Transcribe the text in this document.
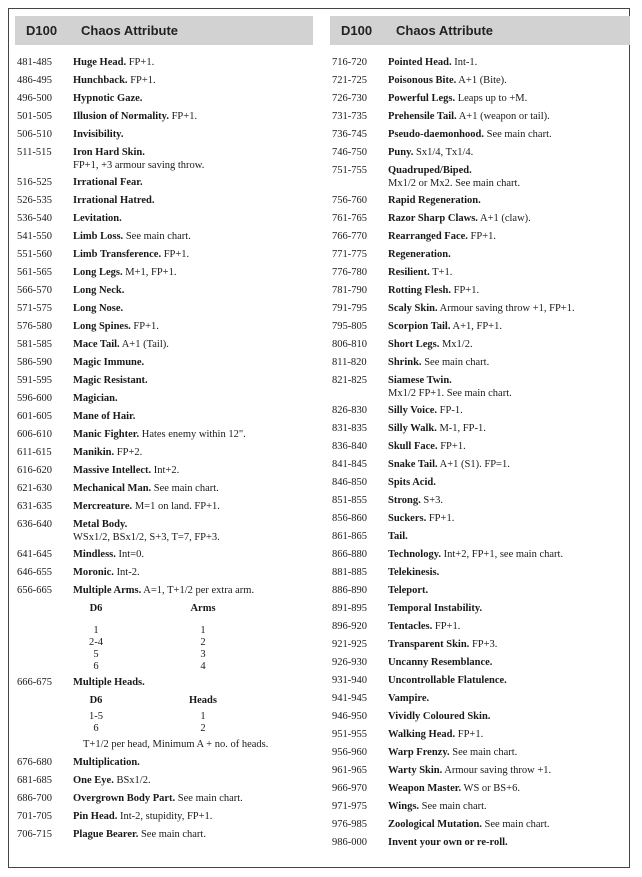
D100	Chaos Attribute
481-485	Huge Head. FP+1.
486-495	Hunchback. FP+1.
496-500	Hypnotic Gaze.
501-505	Illusion of Normality. FP+1.
506-510	Invisibility.
511-515	Iron Hard Skin.
FP+1, +3 armour saving throw.
516-525	Irrational Fear.
526-535	Irrational Hatred.
536-540	Levitation.
541-550	Limb Loss. See main chart.
551-560	Limb Transference. FP+1.
561-565	Long Legs. M+1, FP+1.
566-570	Long Neck.
571-575	Long Nose.
576-580	Long Spines. FP+1.
581-585	Mace Tail. A+1 (Tail).
586-590	Magic Immune.
591-595	Magic Resistant.
596-600	Magician.
601-605	Mane of Hair.
606-610	Manic Fighter. Hates enemy within 12".
611-615	Manikin. FP+2.
616-620	Massive Intellect. Int+2.
621-630	Mechanical Man. See main chart.
631-635	Mercreature. M=1 on land. FP+1.
636-640	Metal Body.
WSx1/2, BSx1/2, S+3, T=7, FP+3.
641-645	Mindless. Int=0.
646-655	Moronic. Int-2.
656-665	Multiple Arms. A=1, T+1/2 per extra arm.
D6	Arms
1	1
2-4	2
5	3
6	4
666-675	Multiple Heads.
D6	Heads
1-5	1
6	2
T+1/2 per head, Minimum A + no. of heads.
676-680	Multiplication.
681-685	One Eye. BSx1/2.
686-700	Overgrown Body Part. See main chart.
701-705	Pin Head. Int-2, stupidity, FP+1.
706-715	Plague Bearer. See main chart.
D100	Chaos Attribute
716-720	Pointed Head. Int-1.
721-725	Poisonous Bite. A+1 (Bite).
726-730	Powerful Legs. Leaps up to +M.
731-735	Prehensile Tail. A+1 (weapon or tail).
736-745	Pseudo-daemonhood. See main chart.
746-750	Puny. Sx1/4, Tx1/4.
751-755	Quadruped/Biped.
Mx1/2 or Mx2. See main chart.
756-760	Rapid Regeneration.
761-765	Razor Sharp Claws. A+1 (claw).
766-770	Rearranged Face. FP+1.
771-775	Regeneration.
776-780	Resilient. T+1.
781-790	Rotting Flesh. FP+1.
791-795	Scaly Skin. Armour saving throw +1, FP+1.
795-805	Scorpion Tail. A+1, FP+1.
806-810	Short Legs. Mx1/2.
811-820	Shrink. See main chart.
821-825	Siamese Twin.
Mx1/2 FP+1. See main chart.
826-830	Silly Voice. FP-1.
831-835	Silly Walk. M-1, FP-1.
836-840	Skull Face. FP+1.
841-845	Snake Tail. A+1 (S1). FP=1.
846-850	Spits Acid.
851-855	Strong. S+3.
856-860	Suckers. FP+1.
861-865	Tail.
866-880	Technology. Int+2, FP+1, see main chart.
881-885	Telekinesis.
886-890	Teleport.
891-895	Temporal Instability.
896-920	Tentacles. FP+1.
921-925	Transparent Skin. FP+3.
926-930	Uncanny Resemblance.
931-940	Uncontrollable Flatulence.
941-945	Vampire.
946-950	Vividly Coloured Skin.
951-955	Walking Head. FP+1.
956-960	Warp Frenzy. See main chart.
961-965	Warty Skin. Armour saving throw +1.
966-970	Weapon Master. WS or BS+6.
971-975	Wings. See main chart.
976-985	Zoological Mutation. See main chart.
986-000	Invent your own or re-roll.
